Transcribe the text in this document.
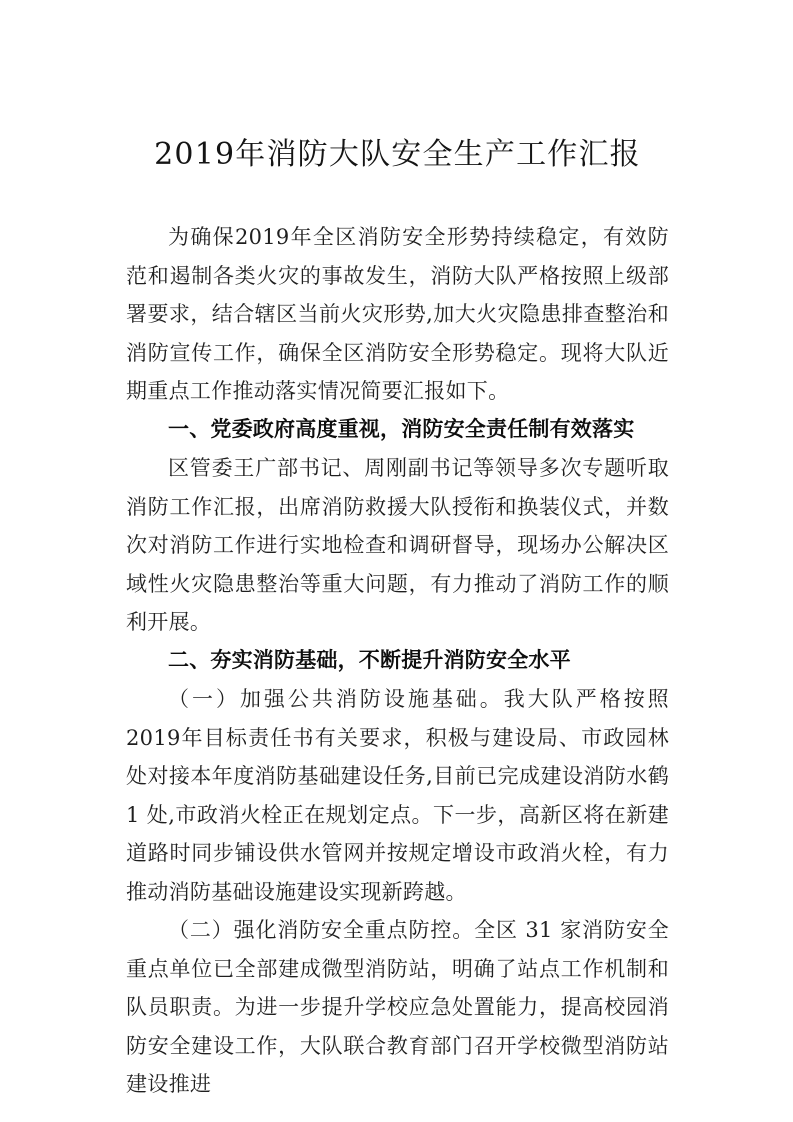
2019年消防大队安全生产工作汇报

为确保2019年全区消防安全形势持续稳定，有效防范和遏制各类火灾的事故发生，消防大队严格按照上级部署要求，结合辖区当前火灾形势,加大火灾隐患排查整治和消防宣传工作，确保全区消防安全形势稳定。现将大队近期重点工作推动落实情况简要汇报如下。

一、党委政府高度重视，消防安全责任制有效落实

区管委王广部书记、周刚副书记等领导多次专题听取消防工作汇报，出席消防救援大队授衔和换装仪式，并数次对消防工作进行实地检查和调研督导，现场办公解决区域性火灾隐患整治等重大问题，有力推动了消防工作的顺利开展。

二、夯实消防基础，不断提升消防安全水平

（一）加强公共消防设施基础。我大队严格按照2019年目标责任书有关要求，积极与建设局、市政园林处对接本年度消防基础建设任务,目前已完成建设消防水鹤 1 处,市政消火栓正在规划定点。下一步，高新区将在新建道路时同步铺设供水管网并按规定增设市政消火栓，有力推动消防基础设施建设实现新跨越。

（二）强化消防安全重点防控。全区 31 家消防安全重点单位已全部建成微型消防站，明确了站点工作机制和队员职责。为进一步提升学校应急处置能力，提高校园消防安全建设工作，大队联合教育部门召开学校微型消防站建设推进
